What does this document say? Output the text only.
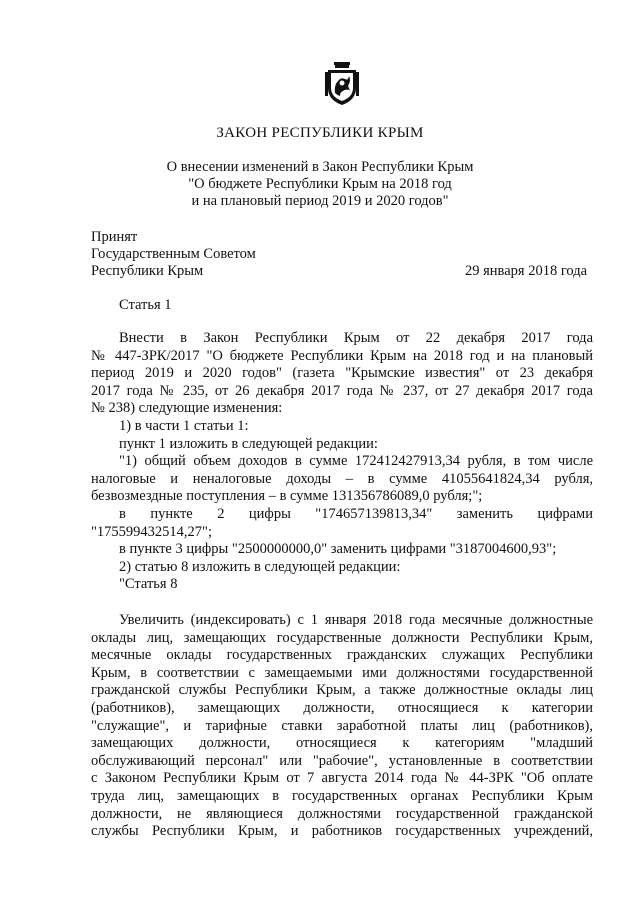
ЗАКОН РЕСПУБЛИКИ КРЫМ
О внесении изменений в Закон Республики Крым
"О бюджете Республики Крым на 2018 год
и на плановый период 2019 и 2020 годов"
Принят
Государственным Советом
Республики Крым	29 января 2018 года
Статья 1
Внести в Закон Республики Крым от 22 декабря 2017 года
№ 447-ЗРК/2017 "О бюджете Республики Крым на 2018 год и на плановый
период 2019 и 2020 годов" (газета "Крымские известия" от 23 декабря
2017 года № 235, от 26 декабря 2017 года № 237, от 27 декабря 2017 года
№ 238) следующие изменения:
1) в части 1 статьи 1:
пункт 1 изложить в следующей редакции:
"1) общий объем доходов в сумме 172412427913,34 рубля, в том числе
налоговые и неналоговые доходы – в сумме 41055641824,34 рубля,
безвозмездные поступления – в сумме 131356786089,0 рубля;";
в пункте 2 цифры "174657139813,34" заменить цифрами
"175599432514,27";
в пункте 3 цифры "2500000000,0" заменить цифрами "3187004600,93";
2) статью 8 изложить в следующей редакции:
"Статья 8
Увеличить (индексировать) с 1 января 2018 года месячные должностные
оклады лиц, замещающих государственные должности Республики Крым,
месячные оклады государственных гражданских служащих Республики
Крым, в соответствии с замещаемыми ими должностями государственной
гражданской службы Республики Крым, а также должностные оклады лиц
(работников), замещающих должности, относящиеся к категории
"служащие", и тарифные ставки заработной платы лиц (работников),
замещающих должности, относящиеся к категориям "младший
обслуживающий персонал" или "рабочие", установленные в соответствии
с Законом Республики Крым от 7 августа 2014 года № 44-ЗРК "Об оплате
труда лиц, замещающих в государственных органах Республики Крым
должности, не являющиеся должностями государственной гражданской
службы Республики Крым, и работников государственных учреждений,
